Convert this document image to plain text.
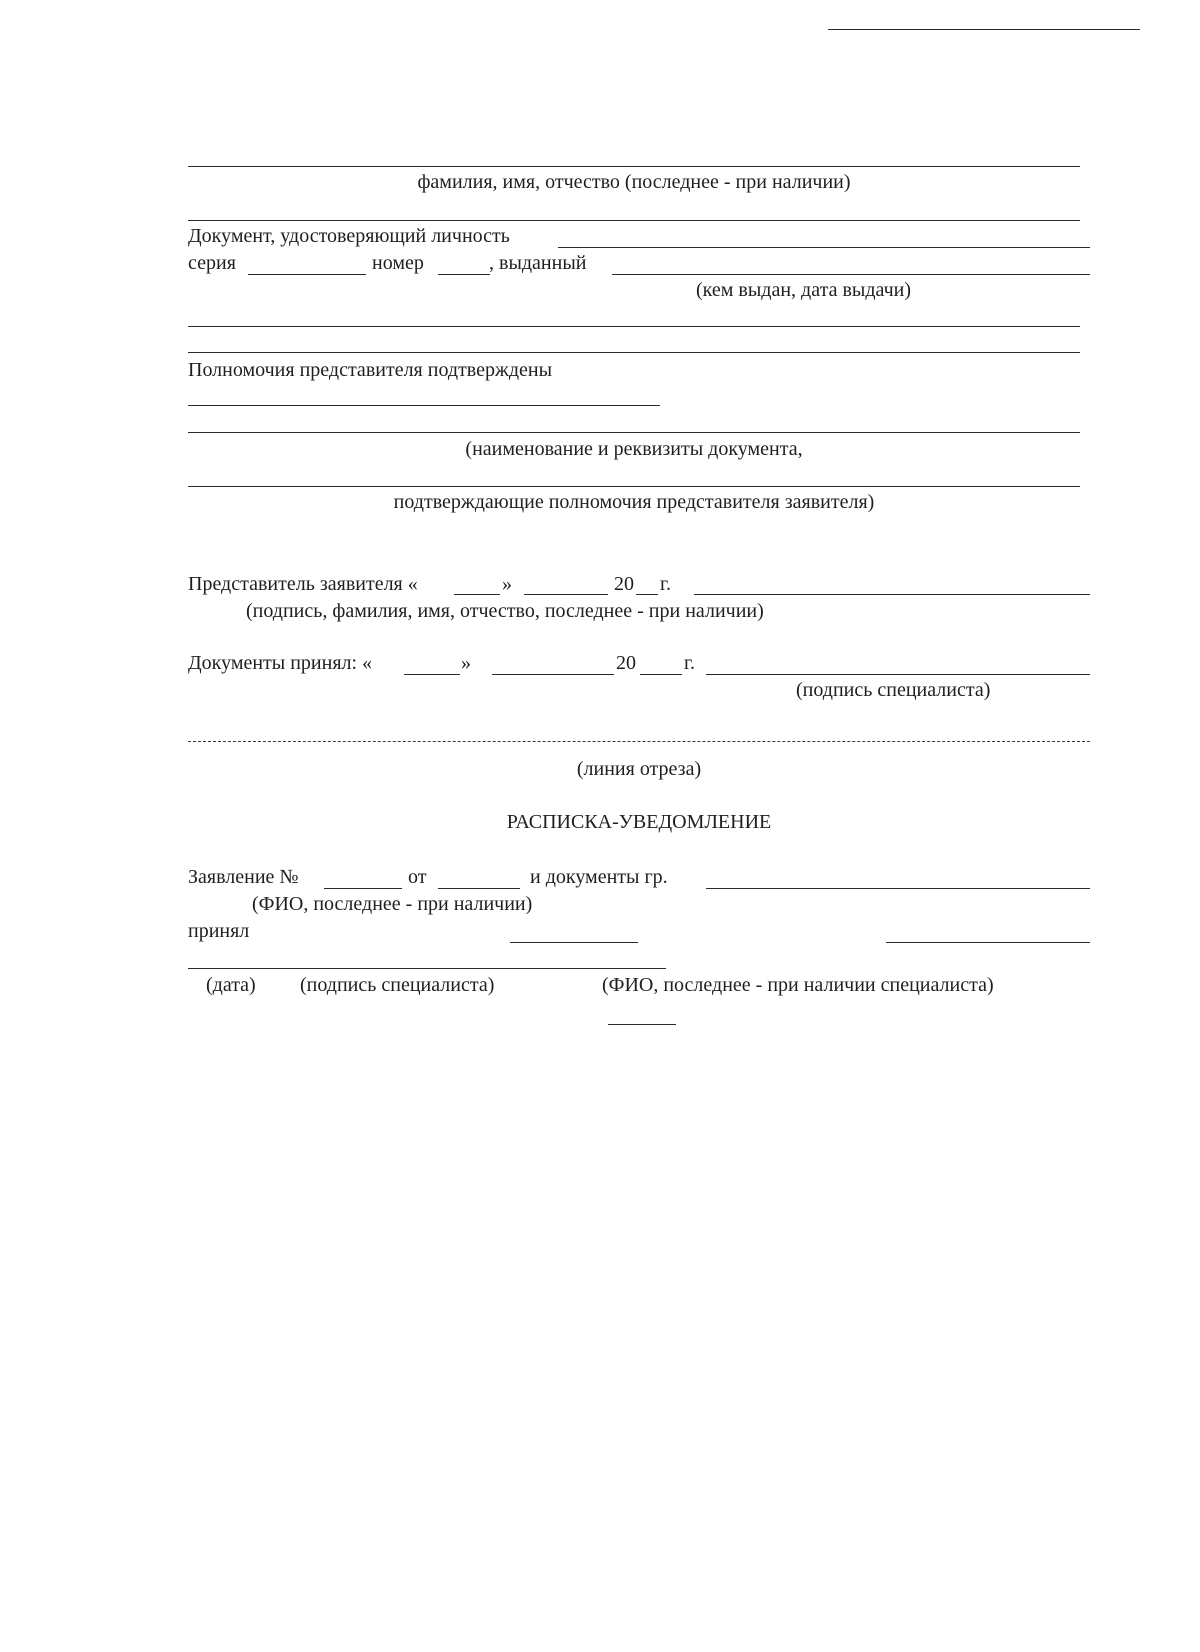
фамилия, имя, отчество (последнее - при наличии)
Документ, удостоверяющий личность
серия	номер	, выданный
(кем выдан, дата выдачи)
Полномочия представителя подтверждены
(наименование и реквизиты документа,
подтверждающие полномочия представителя заявителя)
Представитель заявителя «	»	20 г.
(подпись, фамилия, имя, отчество, последнее - при наличии)
Документы принял: «	»	20 г.
(подпись специалиста)
(линия отреза)
РАСПИСКА-УВЕДОМЛЕНИЕ
Заявление №	от	и документы гр.
(ФИО, последнее - при наличии)
принял
(дата) (подпись специалиста)	(ФИО, последнее - при наличии специалиста)
